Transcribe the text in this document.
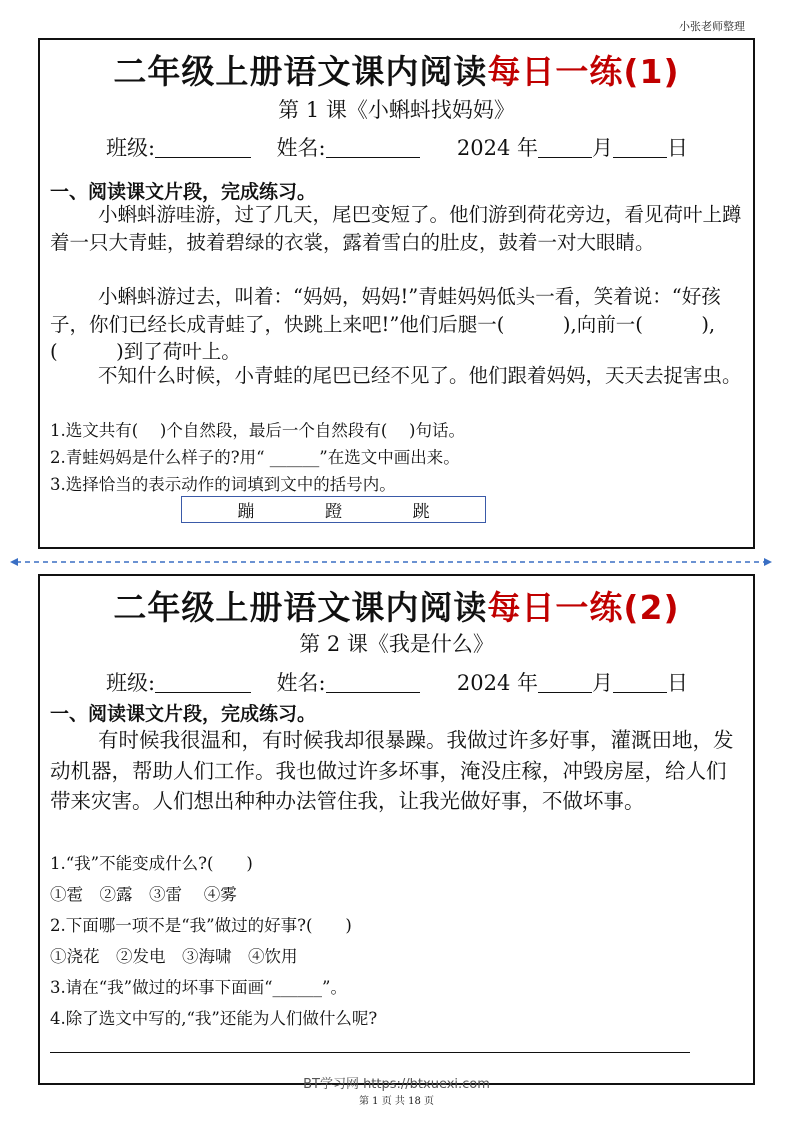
小张老师整理
二年级上册语文课内阅读每日一练(1)
第 1 课《小蝌蚪找妈妈》
班级:	姓名:	2024 年	月	日
一、阅读课文片段，完成练习。
小蝌蚪游哇游，过了几天，尾巴变短了。他们游到荷花旁边，看见荷叶上蹲着一只大青蛙，披着碧绿的衣裳，露着雪白的肚皮，鼓着一对大眼睛。
小蝌蚪游过去，叫着：“妈妈，妈妈!”青蛙妈妈低头一看，笑着说：“好孩子，你们已经长成青蛙了，快跳上来吧!”他们后腿一(　　　),向前一(　　　),(　　　)到了荷叶上。
不知什么时候，小青蛙的尾巴已经不见了。他们跟着妈妈，天天去捉害虫。
1.选文共有(　 )个自然段，最后一个自然段有(　 )句话。
2.青蛙妈妈是什么样子的?用“ ______”在选文中画出来。
3.选择恰当的表示动作的词填到文中的括号内。
蹦	蹬	跳
二年级上册语文课内阅读每日一练(2)
第 2 课《我是什么》
班级:	姓名:	2024 年	月	日
一、阅读课文片段，完成练习。
有时候我很温和，有时候我却很暴躁。我做过许多好事，灌溉田地，发动机器，帮助人们工作。我也做过许多坏事，淹没庄稼，冲毁房屋，给人们带来灾害。人们想出种种办法管住我，让我光做好事，不做坏事。
1.“我”不能变成什么?(　　)
①雹　②露　③雷　 ④雾
2.下面哪一项不是“我”做过的好事?(　　)
①浇花　②发电　③海啸　④饮用
3.请在“我”做过的坏事下面画“______”。
4.除了选文中写的,“我”还能为人们做什么呢?
BT学习网 https://btxuexi.com
第 1 页 共 18 页
